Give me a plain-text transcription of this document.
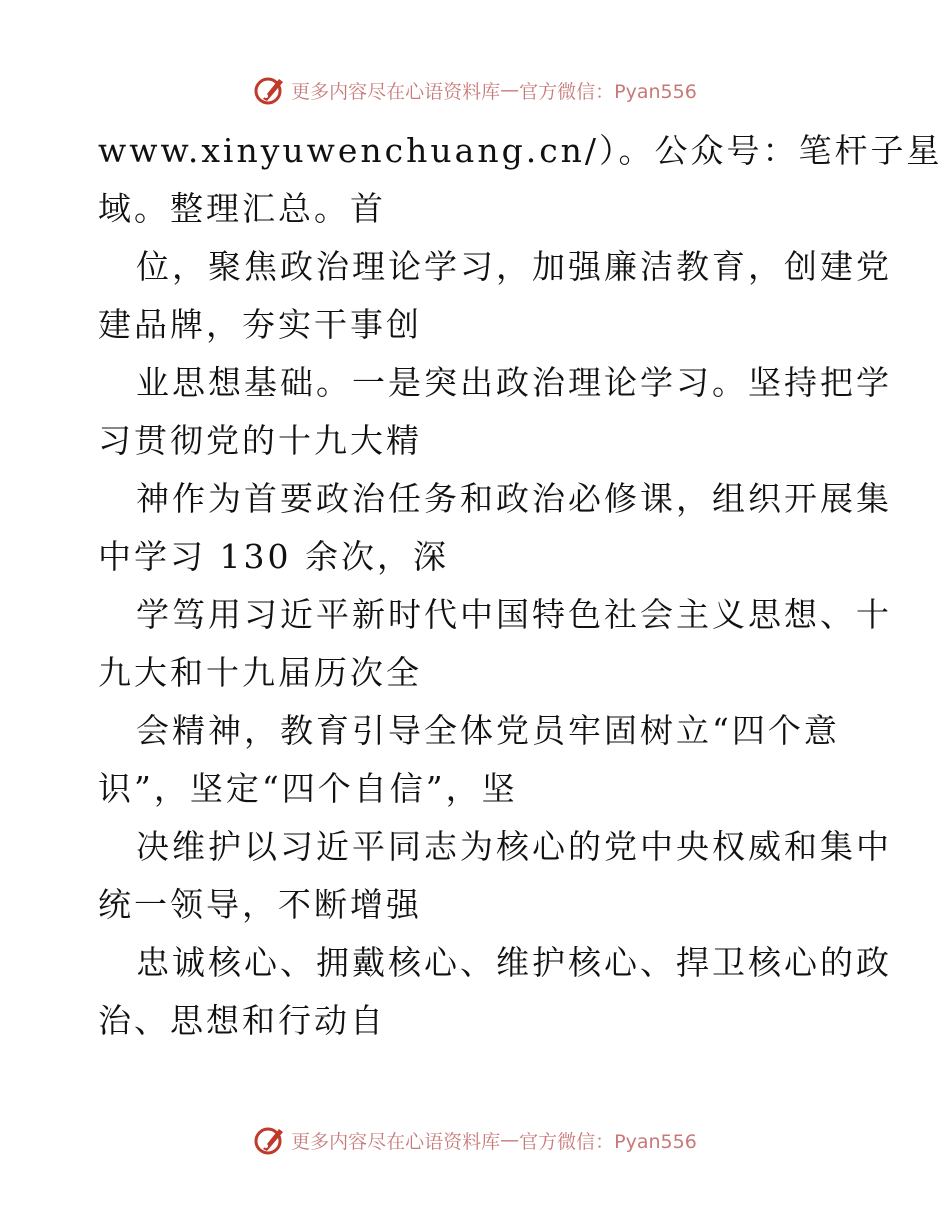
更多内容尽在心语资料库 — 官方微信：Pyan556
www.xinyuwenchuang.cn/）。公众号：笔杆子星
域。整理汇总。首
位，聚焦政治理论学习，加强廉洁教育，创建党
建品牌，夯实干事创
业思想基础。一是突出政治理论学习。坚持把学
习贯彻党的十九大精
神作为首要政治任务和政治必修课，组织开展集
中学习 130 余次，深
学笃用习近平新时代中国特色社会主义思想、十
九大和十九届历次全
会精神，教育引导全体党员牢固树立“四个意
识”，坚定“四个自信”，坚
决维护以习近平同志为核心的党中央权威和集中
统一领导，不断增强
忠诚核心、拥戴核心、维护核心、捍卫核心的政
治、思想和行动自
更多内容尽在心语资料库 — 官方微信：Pyan556
